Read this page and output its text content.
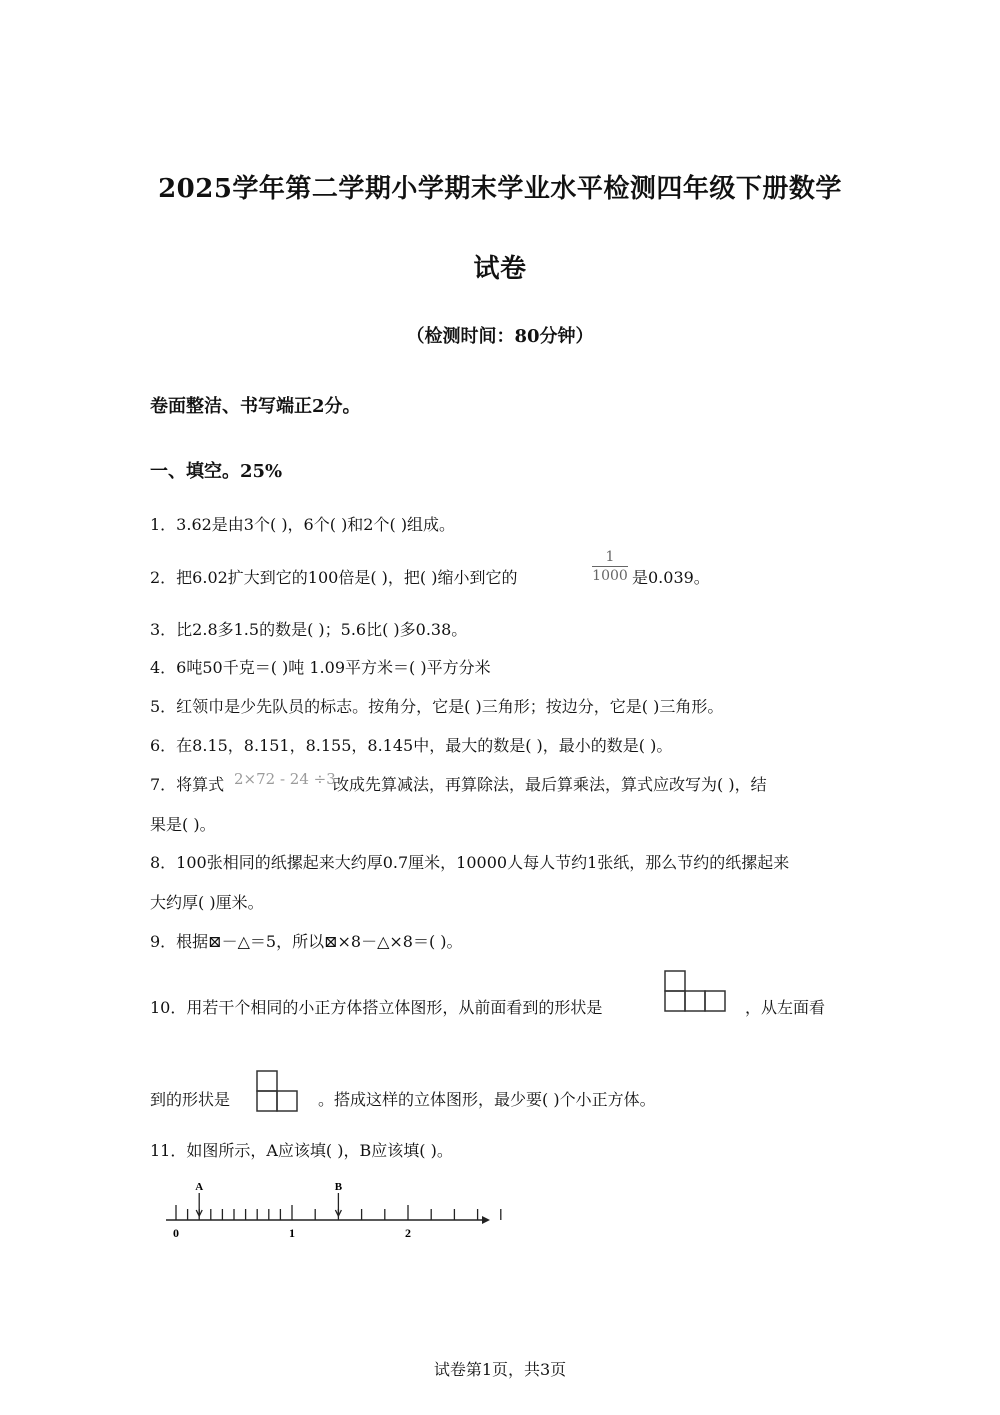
2025学年第二学期小学期末学业水平检测四年级下册数学
试卷
（检测时间：80分钟）
卷面整洁、书写端正2分。
一、填空。25%
1．3.62是由3个( )，6个( )和2个( )组成。
2．把6.02扩大到它的100倍是( )，把( )缩小到它的
1
1000 是0.039。
3．比2.8多1.5的数是( )；5.6比( )多0.38。
4．6吨50千克＝( )吨 1.09平方米＝( )平方分米
5．红领巾是少先队员的标志。按角分，它是( )三角形；按边分，它是( )三角形。
6．在8.15，8.151，8.155，8.145中，最大的数是( )，最小的数是( )。
7．将算式 2×72 - 24 ÷3
改成先算减法，再算除法，最后算乘法，算式应改写为( )，结
果是( )。
8．100张相同的纸摞起来大约厚0.7厘米，10000人每人节约1张纸，那么节约的纸摞起来
大约厚( )厘米。
9．根据⊠－△＝5，所以⊠×8－△×8＝( )。
10．用若干个相同的小正方体搭立体图形，从前面看到的形状是	，从左面看
到的形状是	。搭成这样的立体图形，最少要( )个小正方体。
11．如图所示，A应该填( )，B应该填( )。
0	1	2
A	B
试卷第1页，共3页
